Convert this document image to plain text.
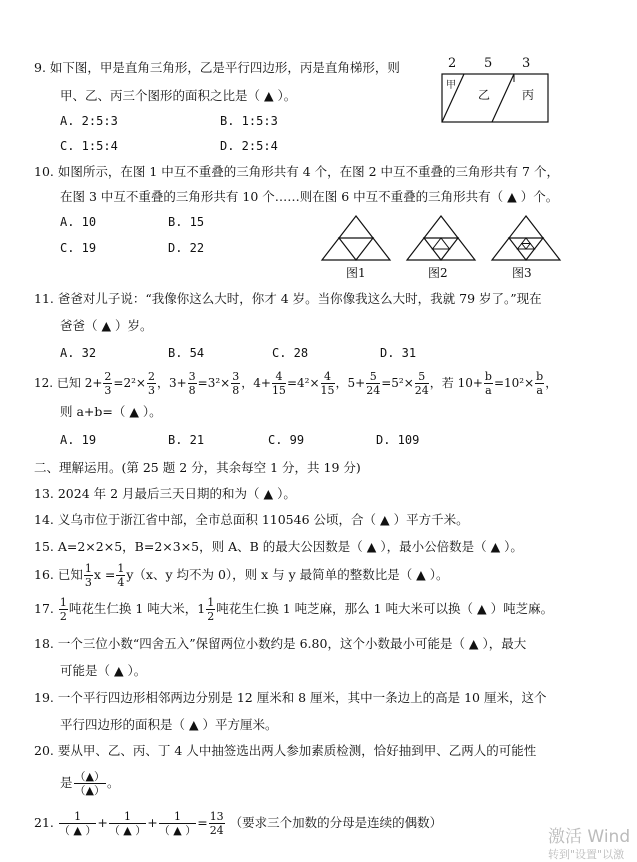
9. 如下图，甲是直角三角形，乙是平行四边形，丙是直角梯形，则
甲、乙、丙三个图形的面积之比是（ ▲ ）。
A. 2:5:3	B. 1:5:3
C. 1:5:4	D. 2:5:4
2 5 3
甲
乙	丙
10. 如图所示，在图 1 中互不重叠的三角形共有 4 个，在图 2 中互不重叠的三角形共有 7 个，
在图 3 中互不重叠的三角形共有 10 个……则在图 6 中互不重叠的三角形共有（ ▲ ）个。
A. 10	B. 15
C. 19	D. 22
图1	图2	图3
11. 爸爸对儿子说：“我像你这么大时，你才 4 岁。当你像我这么大时，我就 79 岁了。”现在
爸爸（ ▲ ）岁。
A. 32	B. 54	C. 28	D. 31
12. 已知 $2+ \frac{2}{3} =2^2\times \frac{2}{3}$ ，$3+ \frac{3}{8} =3^2\times \frac{3}{8}$ ，$4+ \frac{4}{15} =4^2\times \frac{4}{15}$ ，$5+ \frac{5}{24} =5^2\times \frac{5}{24}$ ，若 $10+ \frac{b}{a} =10^2\times \frac{b}{a}$ ，
则 a+b=（ ▲ ）。
A. 19	B. 21	C. 99	D. 109
二、理解运用。(第 25 题 2 分，其余每空 1 分，共 19 分)
13. 2024 年 2 月最后三天日期的和为（ ▲ ）。
14. 义乌市位于浙江省中部，全市总面积 110546 公顷，合（ ▲ ）平方千米。
15. A=2×2×5，B=2×3×5，则 A、B 的最大公因数是（ ▲ ），最小公倍数是（ ▲ ）。
16. 已知 $\frac{1}{3}$ $x = \frac{1}{4} y(x$、y 均不为 0），则 x 与 y 最简单的整数比是（ ▲ ）。
17. $\frac{1}{2}$ 吨花生仁换 1 吨大米，$1 \frac{1}{2}$ 吨花生仁换 1 吨芝麻，那么 1 吨大米可以换（ ▲ ）吨芝麻。
18. 一个三位小数“四舍五入”保留两位小数约是 6.80，这个小数最小可能是（ ▲ ），最大
可能是（ ▲ ）。
19. 一个平行四边形相邻两边分别是 12 厘米和 8 厘米，其中一条边上的高是 10 厘米，这个
平行四边形的面积是（ ▲ ）平方厘米。
20. 要从甲、乙、丙、丁 4 人中抽签选出两人参加素质检测，恰好抽到甲、乙两人的可能性
是 $\frac{(▲)}{(▲)}$ 。
21. $\frac{1}{( ▲ )} + \frac{1}{( ▲ )} + \frac{1}{( ▲ )} = \frac{13}{24}$ （要求三个加数的分母是连续的偶数）
激活 Wind
转到"设置"以激
